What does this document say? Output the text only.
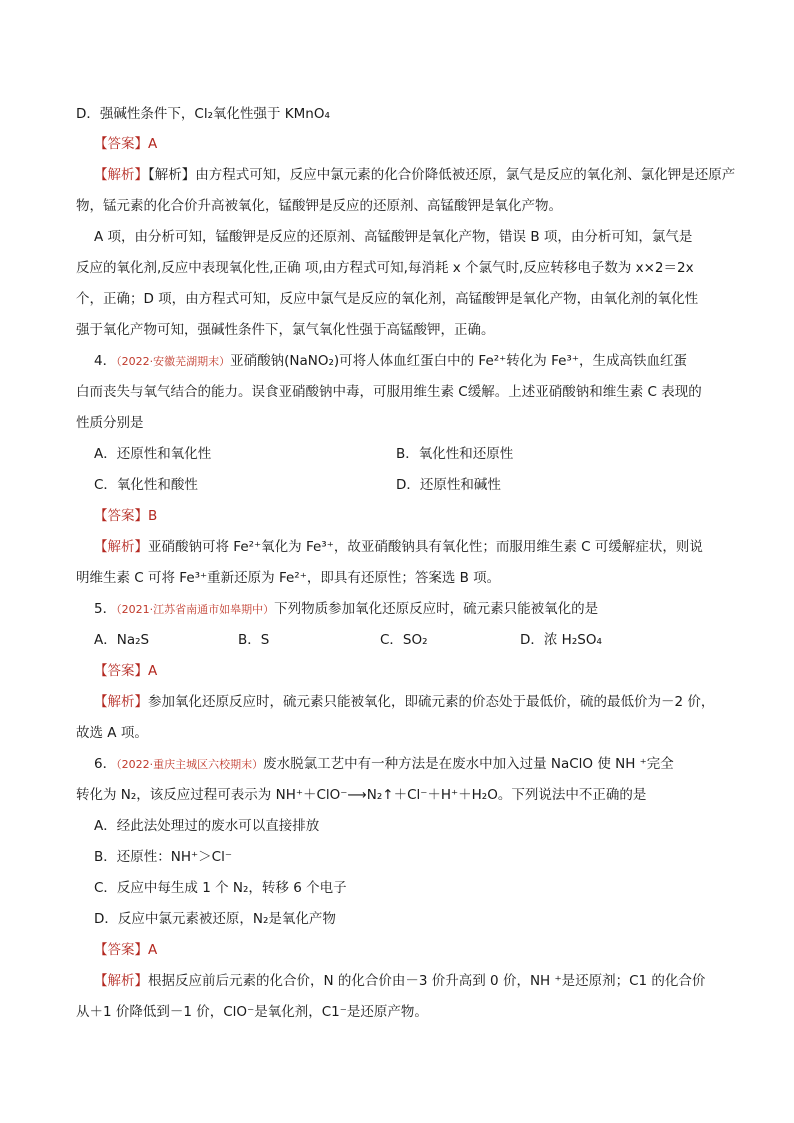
D．强碱性条件下，Cl₂氧化性强于 KMnO₄
【答案】A
【解析】【解析】由方程式可知，反应中氯元素的化合价降低被还原，氯气是反应的氧化剂、氯化钾是还原产
物，锰元素的化合价升高被氧化，锰酸钾是反应的还原剂、高锰酸钾是氧化产物。
A 项，由分析可知，锰酸钾是反应的还原剂、高锰酸钾是氧化产物，错误 B 项，由分析可知，氯气是
反应的氧化剂,反应中表现氧化性,正确 项,由方程式可知,每消耗 x 个氯气时,反应转移电子数为 x×2＝2x
个，正确；D 项，由方程式可知，反应中氯气是反应的氧化剂，高锰酸钾是氧化产物，由氧化剂的氧化性
强于氧化产物可知，强碱性条件下，氯气氧化性强于高锰酸钾，正确。
4．（2022·安徽芜湖期末）亚硝酸钠(NaNO₂)可将人体血红蛋白中的 Fe²⁺转化为 Fe³⁺，生成高铁血红蛋
白而丧失与氧气结合的能力。误食亚硝酸钠中毒，可服用维生素 C缓解。上述亚硝酸钠和维生素 C 表现的
性质分别是
A．还原性和氧化性	B．氧化性和还原性
C．氧化性和酸性	D．还原性和碱性
【答案】B
【解析】亚硝酸钠可将 Fe²⁺氧化为 Fe³⁺，故亚硝酸钠具有氧化性；而服用维生素 C 可缓解症状，则说
明维生素 C 可将 Fe³⁺重新还原为 Fe²⁺，即具有还原性；答案选 B 项。
5．（2021·江苏省南通市如皋期中）下列物质参加氧化还原反应时，硫元素只能被氧化的是
A．Na₂S	B．S	C．SO₂	D．浓 H₂SO₄
【答案】A
【解析】参加氧化还原反应时，硫元素只能被氧化，即硫元素的价态处于最低价，硫的最低价为－2 价，
故选 A 项。
6．（2022·重庆主城区六校期末）废水脱氯工艺中有一种方法是在废水中加入过量 NaClO 使 NH ⁺完全
转化为 N₂，该反应过程可表示为 NH⁺＋ClO⁻⟶N₂↑＋Cl⁻＋H⁺＋H₂O。下列说法中不正确的是
A．经此法处理过的废水可以直接排放
B．还原性：NH⁺＞Cl⁻
C．反应中每生成 1 个 N₂，转移 6 个电子
D．反应中氯元素被还原，N₂是氧化产物
【答案】A
【解析】根据反应前后元素的化合价，N 的化合价由－3 价升高到 0 价，NH ⁺是还原剂；C1 的化合价
从＋1 价降低到－1 价，ClO⁻是氧化剂，C1⁻是还原产物。
